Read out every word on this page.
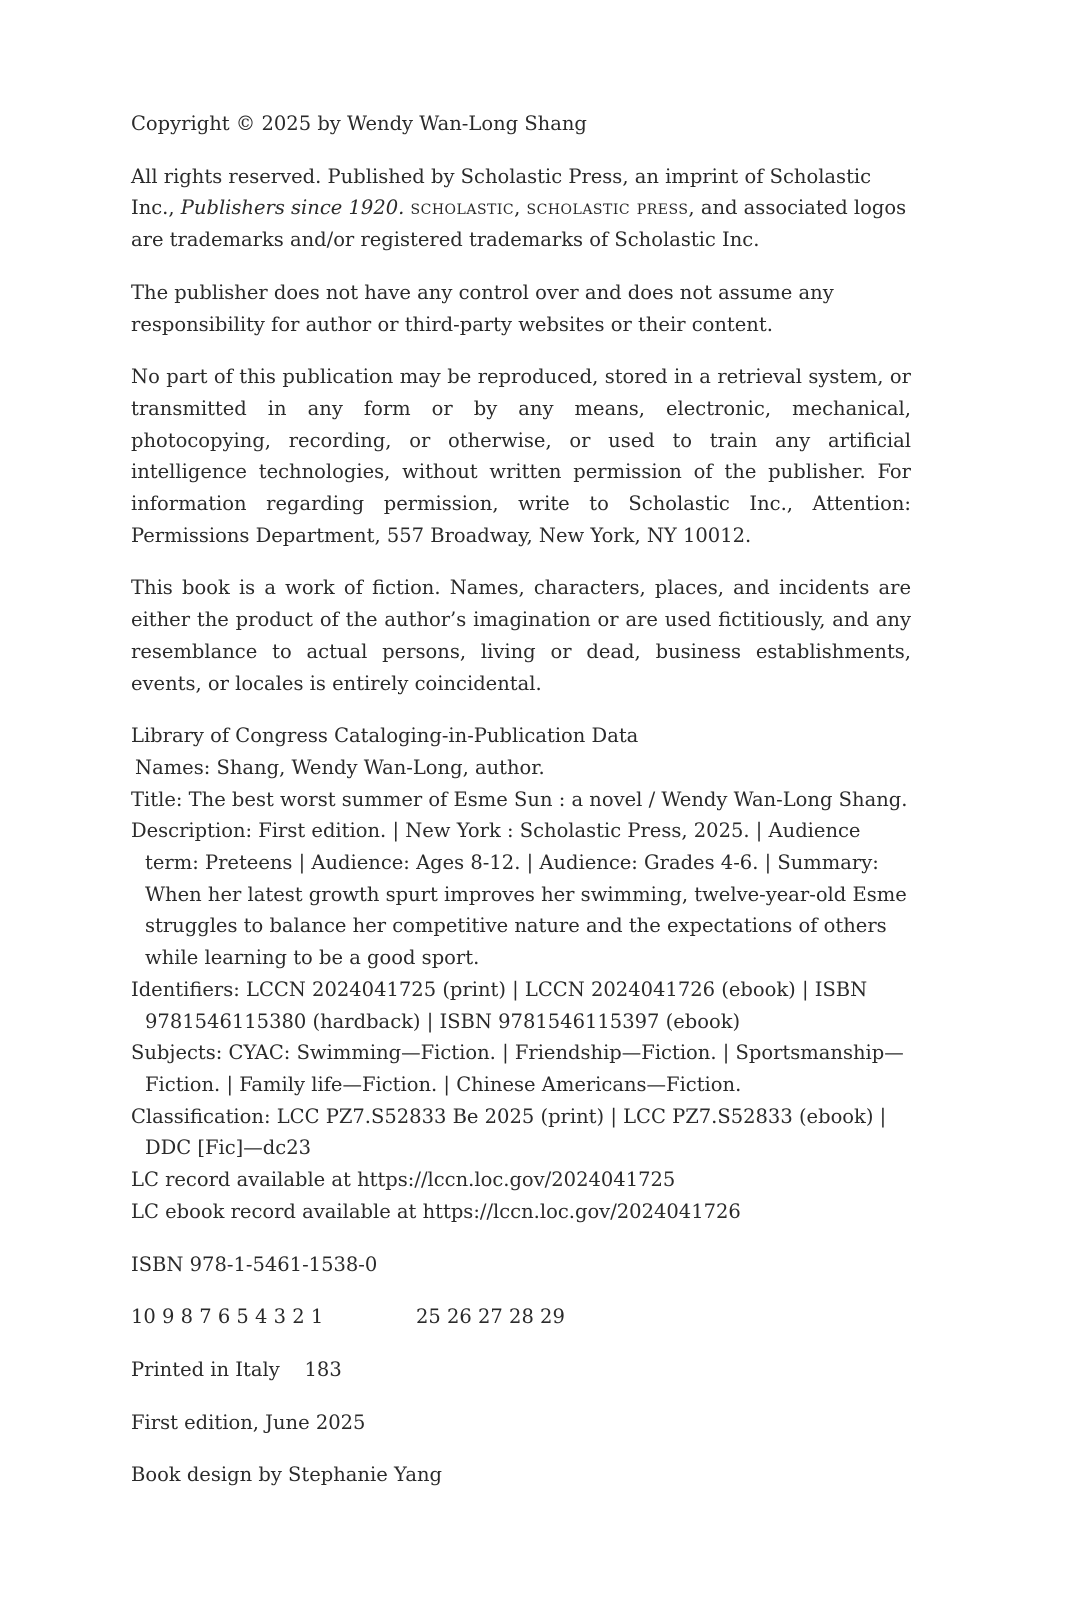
Copyright © 2025 by Wendy Wan-Long Shang

All rights reserved. Published by Scholastic Press, an imprint of Scholastic Inc., Publishers since 1920. scholastic, scholastic press, and associated logos are trademarks and/or registered trademarks of Scholastic Inc.

The publisher does not have any control over and does not assume any responsibility for author or third-party websites or their content.

No part of this publication may be reproduced, stored in a retrieval system, or transmitted in any form or by any means, electronic, mechanical, photocopying, recording, or otherwise, or used to train any artificial intelligence technologies, without written permission of the publisher. For information regarding permission, write to Scholastic Inc., Attention: Permissions Department, 557 Broadway, New York, NY 10012.

This book is a work of fiction. Names, characters, places, and incidents are either the product of the author’s imagination or are used fictitiously, and any resemblance to actual persons, living or dead, business establishments, events, or locales is entirely coincidental.

Library of Congress Cataloging-in-Publication Data

Names: Shang, Wendy Wan-Long, author.

Title: The best worst summer of Esme Sun : a novel / Wendy Wan-Long Shang.

Description: First edition. | New York : Scholastic Press, 2025. | Audience term: Preteens | Audience: Ages 8-12. | Audience: Grades 4-6. | Summary: When her latest growth spurt improves her swimming, twelve-year-old Esme struggles to balance her competitive nature and the expectations of others while learning to be a good sport.

Identifiers: LCCN 2024041725 (print) | LCCN 2024041726 (ebook) | ISBN 9781546115380 (hardback) | ISBN 9781546115397 (ebook)

Subjects: CYAC: Swimming—Fiction. | Friendship—Fiction. | Sportsmanship—Fiction. | Family life—Fiction. | Chinese Americans—Fiction.

Classification: LCC PZ7.S52833 Be 2025 (print) | LCC PZ7.S52833 (ebook) | DDC [Fic]—dc23

LC record available at https://lccn.loc.gov/2024041725

LC ebook record available at https://lccn.loc.gov/2024041726

ISBN 978-1-5461-1538-0

10 9 8 7 6 5 4 3 2 1	25 26 27 28 29

Printed in Italy    183

First edition, June 2025

Book design by Stephanie Yang
